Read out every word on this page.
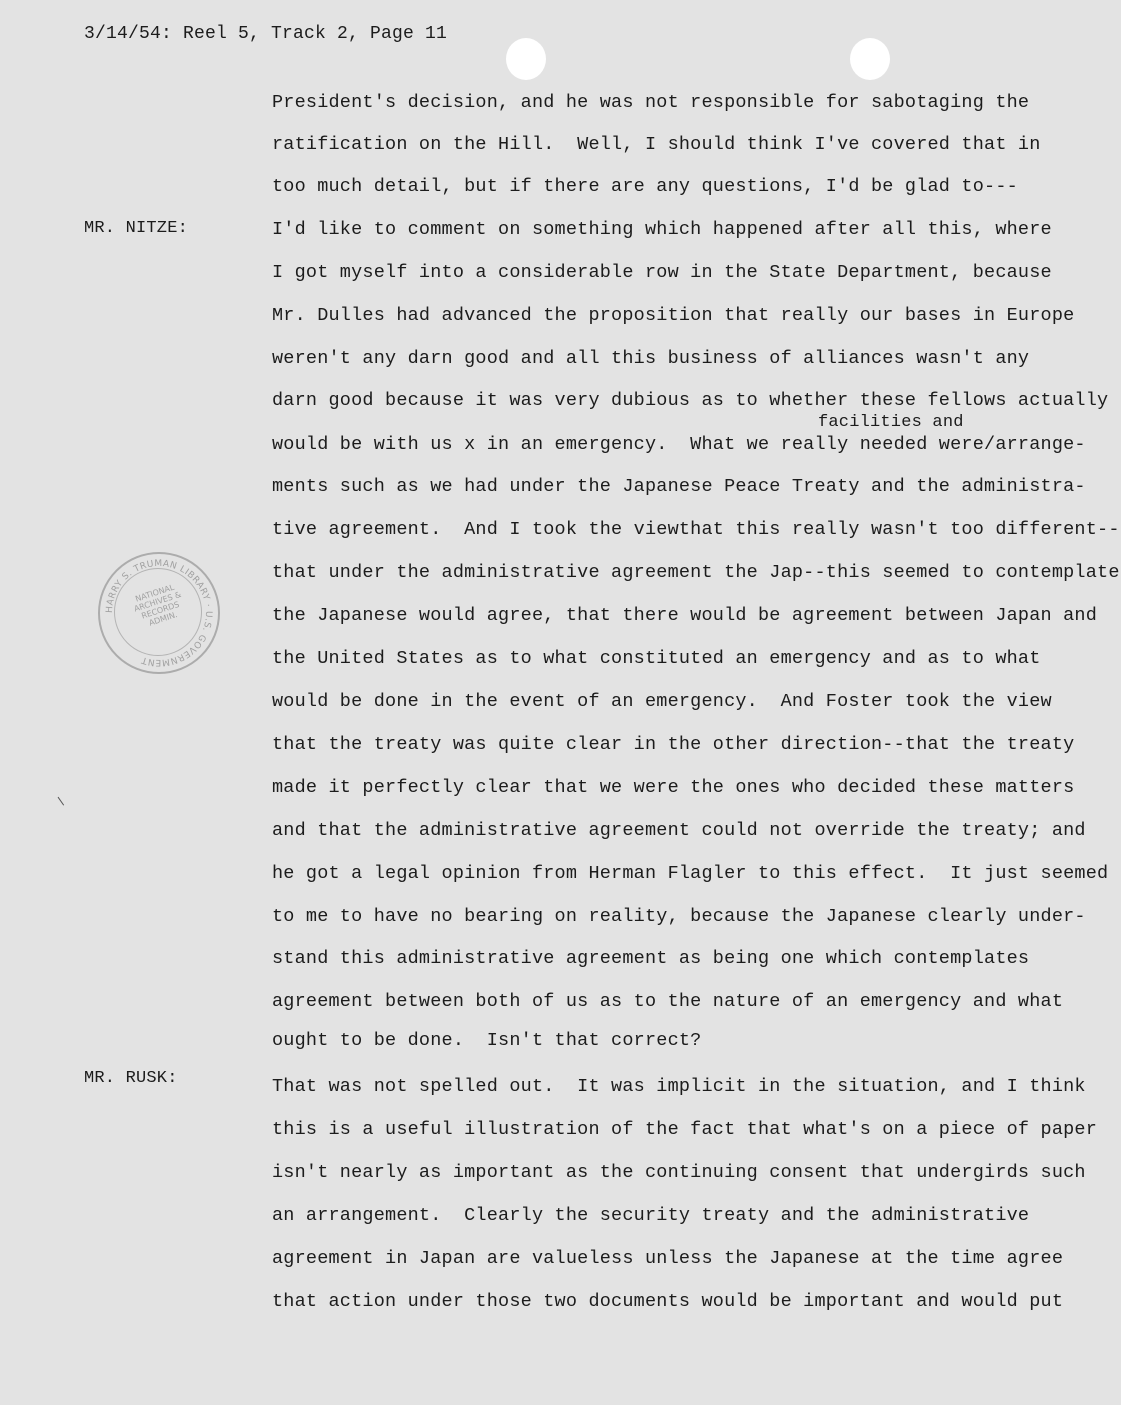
3/14/54: Reel 5, Track 2, Page 11
MR. NITZE:
MR. RUSK:
facilities and
President's decision, and he was not responsible for sabotaging the
ratification on the Hill.  Well, I should think I've covered that in
too much detail, but if there are any questions, I'd be glad to---
I'd like to comment on something which happened after all this, where
I got myself into a considerable row in the State Department, because
Mr. Dulles had advanced the proposition that really our bases in Europe
weren't any darn good and all this business of alliances wasn't any
darn good because it was very dubious as to whether these fellows actually
would be with us x in an emergency.  What we really needed were/arrange-
ments such as we had under the Japanese Peace Treaty and the administra-
tive agreement.  And I took the viewthat this really wasn't too different--
that under the administrative agreement the Jap--this seemed to contemplate
the Japanese would agree, that there would be agreement between Japan and
the United States as to what constituted an emergency and as to what
would be done in the event of an emergency.  And Foster took the view
that the treaty was quite clear in the other direction--that the treaty
made it perfectly clear that we were the ones who decided these matters
and that the administrative agreement could not override the treaty; and
he got a legal opinion from Herman Flagler to this effect.  It just seemed
to me to have no bearing on reality, because the Japanese clearly under-
stand this administrative agreement as being one which contemplates
agreement between both of us as to the nature of an emergency and what
ought to be done.  Isn't that correct?
That was not spelled out.  It was implicit in the situation, and I think
this is a useful illustration of the fact that what's on a piece of paper
isn't nearly as important as the continuing consent that undergirds such
an arrangement.  Clearly the security treaty and the administrative
agreement in Japan are valueless unless the Japanese at the time agree
that action under those two documents would be important and would put
HARRY S. TRUMAN LIBRARY · U.S. GOVERNMENT
NATIONAL ARCHIVES & RECORDS ADMIN.
